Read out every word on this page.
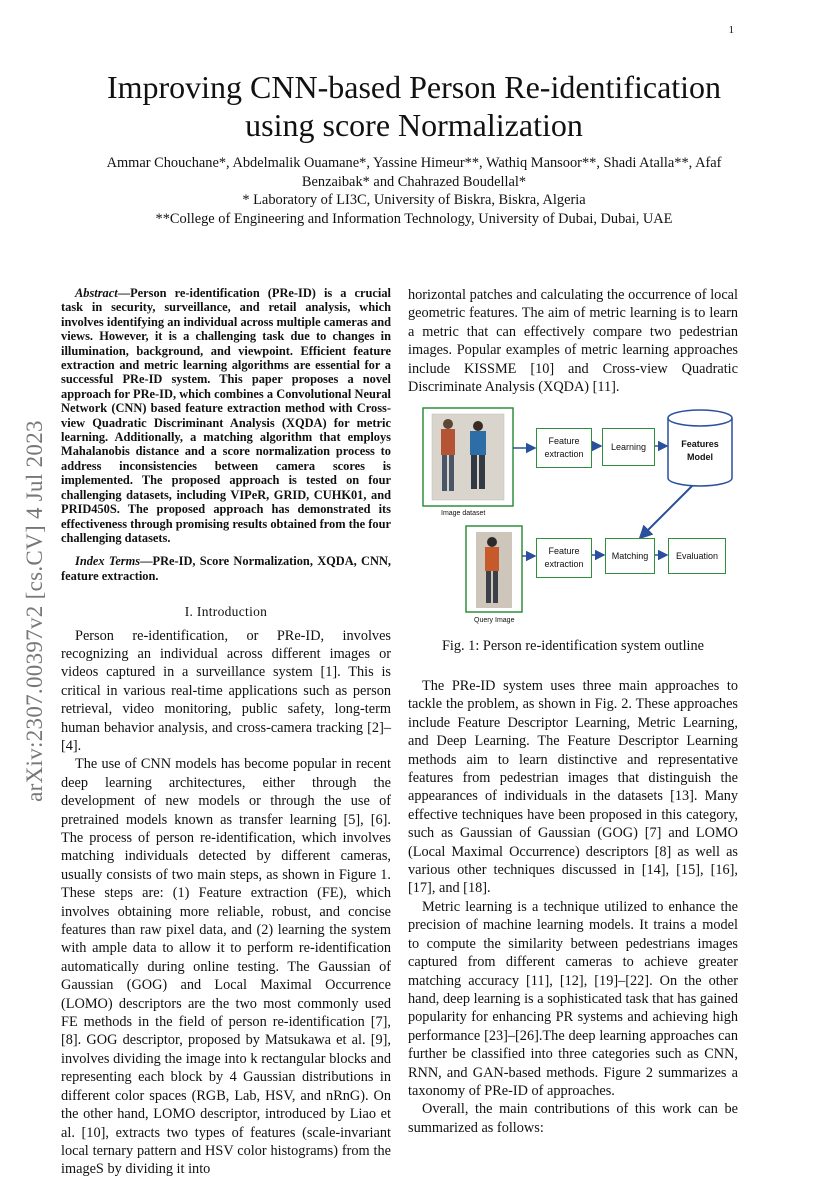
1
arXiv:2307.00397v2 [cs.CV] 4 Jul 2023
Improving CNN-based Person Re-identification
using score Normalization
Ammar Chouchane*, Abdelmalik Ouamane*, Yassine Himeur**, Wathiq Mansoor**, Shadi Atalla**, Afaf
Benzaibak* and Chahrazed Boudellal*
* Laboratory of LI3C, University of Biskra, Biskra, Algeria
**College of Engineering and Information Technology, University of Dubai, Dubai, UAE

Abstract—Person re-identification (PRe-ID) is a crucial task in security, surveillance, and retail analysis, which involves identifying an individual across multiple cameras and views. However, it is a challenging task due to changes in illumination, background, and viewpoint. Efficient feature extraction and metric learning algorithms are essential for a successful PRe-ID system. This paper proposes a novel approach for PRe-ID, which combines a Convolutional Neural Network (CNN) based feature extraction method with Cross-view Quadratic Discriminant Analysis (XQDA) for metric learning. Additionally, a matching algorithm that employs Mahalanobis distance and a score normalization process to address inconsistencies between camera scores is implemented. The proposed approach is tested on four challenging datasets, including VIPeR, GRID, CUHK01, and PRID450S. The proposed approach has demonstrated its effectiveness through promising results obtained from the four challenging datasets.

Index Terms—PRe-ID, Score Normalization, XQDA, CNN, feature extraction.

I. Introduction

Person re-identification, or PRe-ID, involves recognizing an individual across different images or videos captured in a surveillance system [1]. This is critical in various real-time applications such as person retrieval, video monitoring, public safety, long-term human behavior analysis, and cross-camera tracking [2]–[4].

The use of CNN models has become popular in recent deep learning architectures, either through the development of new models or through the use of pretrained models known as transfer learning [5], [6]. The process of person re-identification, which involves matching individuals detected by different cameras, usually consists of two main steps, as shown in Figure 1. These steps are: (1) Feature extraction (FE), which involves obtaining more reliable, robust, and concise features than raw pixel data, and (2) learning the system with ample data to allow it to perform re-identification automatically during online testing. The Gaussian of Gaussian (GOG) and Local Maximal Occurrence (LOMO) descriptors are the two most commonly used FE methods in the field of person re-identification [7], [8]. GOG descriptor, proposed by Matsukawa et al. [9], involves dividing the image into k rectangular blocks and representing each block by 4 Gaussian distributions in different color spaces (RGB, Lab, HSV, and nRnG). On the other hand, LOMO descriptor, introduced by Liao et al. [10], extracts two types of features (scale-invariant local ternary pattern and HSV color histograms) from the imageS by dividing it into

horizontal patches and calculating the occurrence of local geometric features. The aim of metric learning is to learn a metric that can effectively compare two pedestrian images. Popular examples of metric learning approaches include KISSME [10] and Cross-view Quadratic Discriminate Analysis (XQDA) [11].

Feature extraction
Learning	Features Model
Image dataset
Feature extraction
Matching	Evaluation
Query Image
Fig. 1: Person re-identification system outline

The PRe-ID system uses three main approaches to tackle the problem, as shown in Fig. 2. These approaches include Feature Descriptor Learning, Metric Learning, and Deep Learning. The Feature Descriptor Learning methods aim to learn distinctive and representative features from pedestrian images that distinguish the appearances of individuals in the datasets [13]. Many effective techniques have been proposed in this category, such as Gaussian of Gaussian (GOG) [7] and LOMO (Local Maximal Occurrence) descriptors [8] as well as various other techniques discussed in [14], [15], [16], [17], and [18].

Metric learning is a technique utilized to enhance the precision of machine learning models. It trains a model to compute the similarity between pedestrians images captured from different cameras to achieve greater matching accuracy [11], [12], [19]–[22]. On the other hand, deep learning is a sophisticated task that has gained popularity for enhancing PR systems and achieving high performance [23]–[26].The deep learning approaches can further be classified into three categories such as CNN, RNN, and GAN-based methods. Figure 2 summarizes a taxonomy of PRe-ID of approaches.

Overall, the main contributions of this work can be summarized as follows:
